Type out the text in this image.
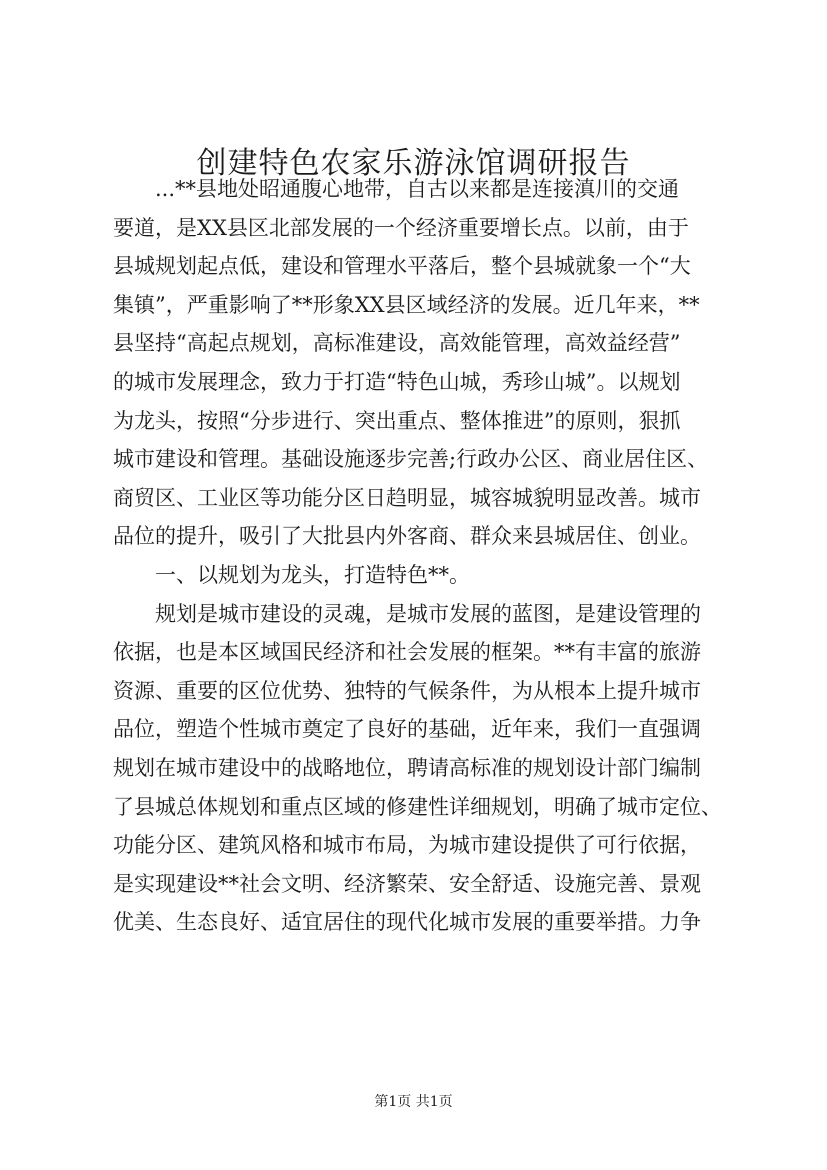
创建特色农家乐游泳馆调研报告
　　...**县地处昭通腹心地带，自古以来都是连接滇川的交通
要道，是XX县区北部发展的一个经济重要增长点。以前，由于
县城规划起点低，建设和管理水平落后，整个县城就象一个“大
集镇”，严重影响了**形象XX县区域经济的发展。近几年来，**
县坚持“高起点规划，高标准建设，高效能管理，高效益经营”
的城市发展理念，致力于打造“特色山城，秀珍山城”。以规划
为龙头，按照“分步进行、突出重点、整体推进”的原则，狠抓
城市建设和管理。基础设施逐步完善;行政办公区、商业居住区、
商贸区、工业区等功能分区日趋明显，城容城貌明显改善。城市
品位的提升，吸引了大批县内外客商、群众来县城居住、创业。
　　一、以规划为龙头，打造特色**。
　　规划是城市建设的灵魂，是城市发展的蓝图，是建设管理的
依据，也是本区域国民经济和社会发展的框架。**有丰富的旅游
资源、重要的区位优势、独特的气候条件，为从根本上提升城市
品位，塑造个性城市奠定了良好的基础，近年来，我们一直强调
规划在城市建设中的战略地位，聘请高标准的规划设计部门编制
了县城总体规划和重点区域的修建性详细规划，明确了城市定位、
功能分区、建筑风格和城市布局，为城市建设提供了可行依据，
是实现建设**社会文明、经济繁荣、安全舒适、设施完善、景观
优美、生态良好、适宜居住的现代化城市发展的重要举措。力争
第1页 共1页
